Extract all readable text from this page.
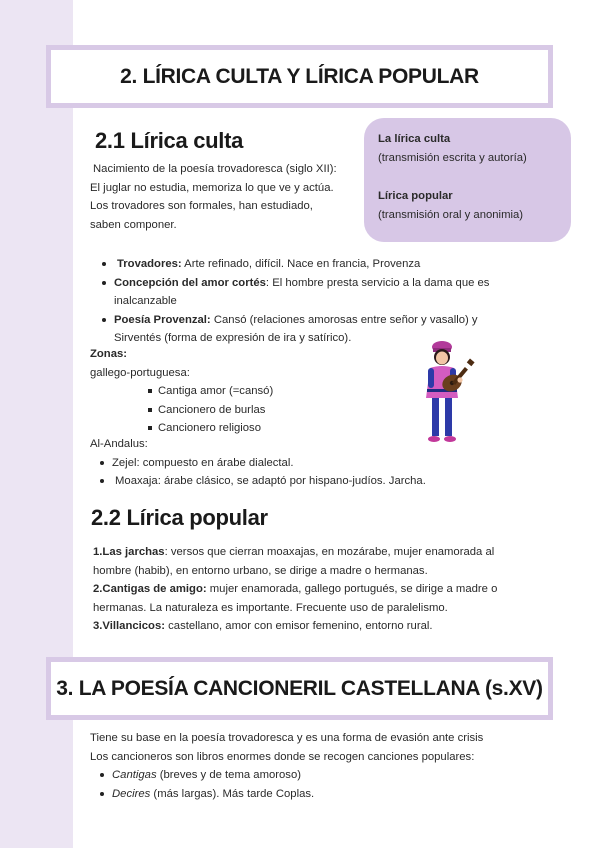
2. LÍRICA CULTA Y LÍRICA POPULAR
2.1 Lírica culta

Nacimiento de la poesía trovadoresca (siglo XII):

El juglar no estudia, memoriza lo que ve y actúa.

Los trovadores son formales, han estudiado,

saben componer.

La lírica culta
(transmisión escrita y autoría)
Lírica popular
(transmisión oral y anonimia)
Trovadores: Arte refinado, difícil. Nace en francia, Provenza
Concepción del amor cortés: El hombre presta servicio a la dama que es inalcanzable
Poesía Provenzal: Cansó (relaciones amorosas entre señor y vasallo) y Sirventés (forma de expresión de ira y satírico).

Zonas:

gallego-portuguesa:

Cantiga amor (=cansó)
Cancionero de burlas
Cancionero religioso

Al-Andalus:

Zejel: compuesto en árabe dialectal.
Moaxaja: árabe clásico, se adaptó por hispano-judíos. Jarcha.
2.2 Lírica popular

1.Las jarchas: versos que cierran moaxajas, en mozárabe, mujer enamorada al hombre (habib), en entorno urbano, se dirige a madre o hermanas.

2.Cantigas de amigo: mujer enamorada, gallego portugués, se dirige a madre o hermanas. La naturaleza es importante. Frecuente uso de paralelismo.

3.Villancicos: castellano, amor con emisor femenino, entorno rural.

3. LA POESÍA CANCIONERIL CASTELLANA (s.XV)

Tiene su base en la poesía trovadoresca y es una forma de evasión ante crisis

Los cancioneros son libros enormes donde se recogen canciones populares:

Cantigas (breves y de tema amoroso)
Decires (más largas). Más tarde Coplas.
